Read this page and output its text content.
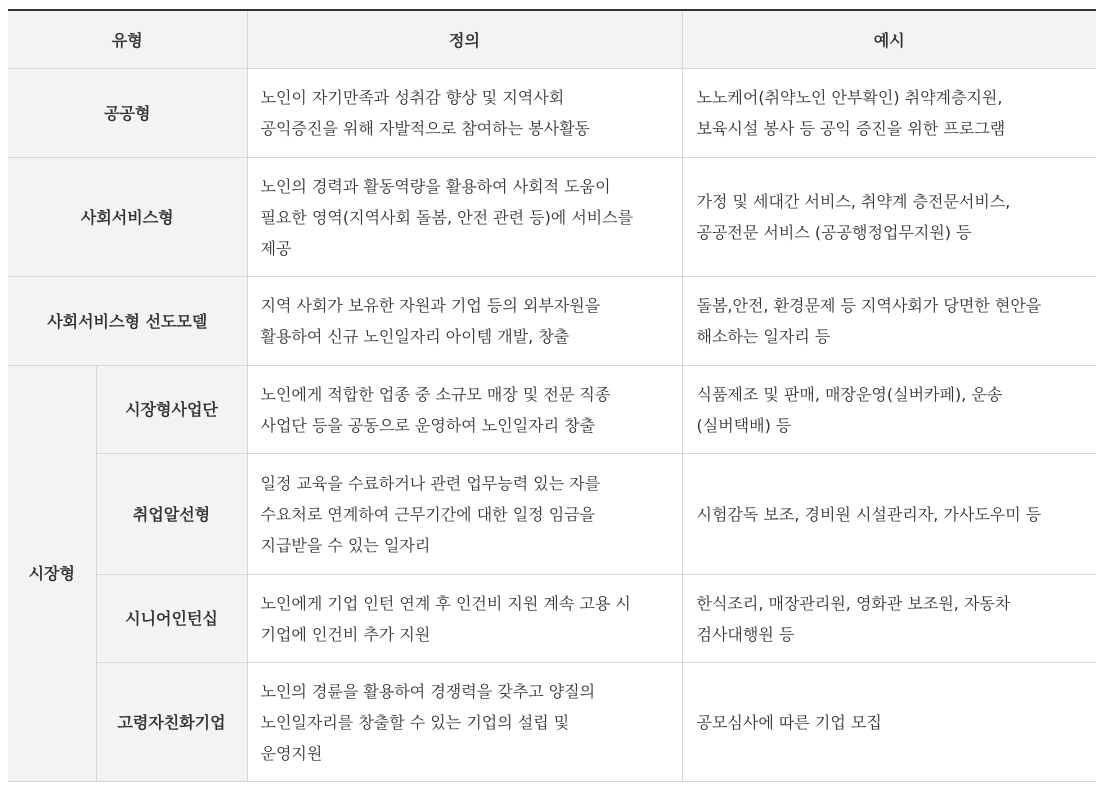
유형		정의	예시
공공형		노인이 자기만족과 성취감 향상 및 지역사회
공익증진을 위해 자발적으로 참여하는 봉사활동	노노케어(취약노인 안부확인) 취약계층지원,
보육시설 봉사 등 공익 증진을 위한 프로그램

사회서비스형		노인의 경력과 활동역량을 활용하여 사회적 도움이
필요한 영역(지역사회 돌봄, 안전 관련 등)에 서비스를
제공	가정 및 세대간 서비스, 취약계 층전문서비스,
공공전문 서비스 (공공행정업무지원) 등

사회서비스형 선도모델		지역 사회가 보유한 자원과 기업 등의 외부자원을
활용하여 신규 노인일자리 아이템 개발, 창출	돌봄,안전, 환경문제 등 지역사회가 당면한 현안을
해소하는 일자리 등

시장형	시장형사업단	노인에게 적합한 업종 중 소규모 매장 및 전문 직종
사업단 등을 공동으로 운영하여 노인일자리 창출	식품제조 및 판매, 매장운영(실버카페), 운송
(실버택배) 등

	취업알선형	일정 교육을 수료하거나 관련 업무능력 있는 자를
수요처로 연계하여 근무기간에 대한 일정 임금을
지급받을 수 있는 일자리	시험감독 보조, 경비원 시설관리자, 가사도우미 등

	시니어인턴십	노인에게 기업 인턴 연계 후 인건비 지원 계속 고용 시
기업에 인건비 추가 지원	한식조리, 매장관리원, 영화관 보조원, 자동차
검사대행원 등

	고령자친화기업	노인의 경륜을 활용하여 경쟁력을 갖추고 양질의
노인일자리를 창출할 수 있는 기업의 설립 및
운영지원	공모심사에 따른 기업 모집
